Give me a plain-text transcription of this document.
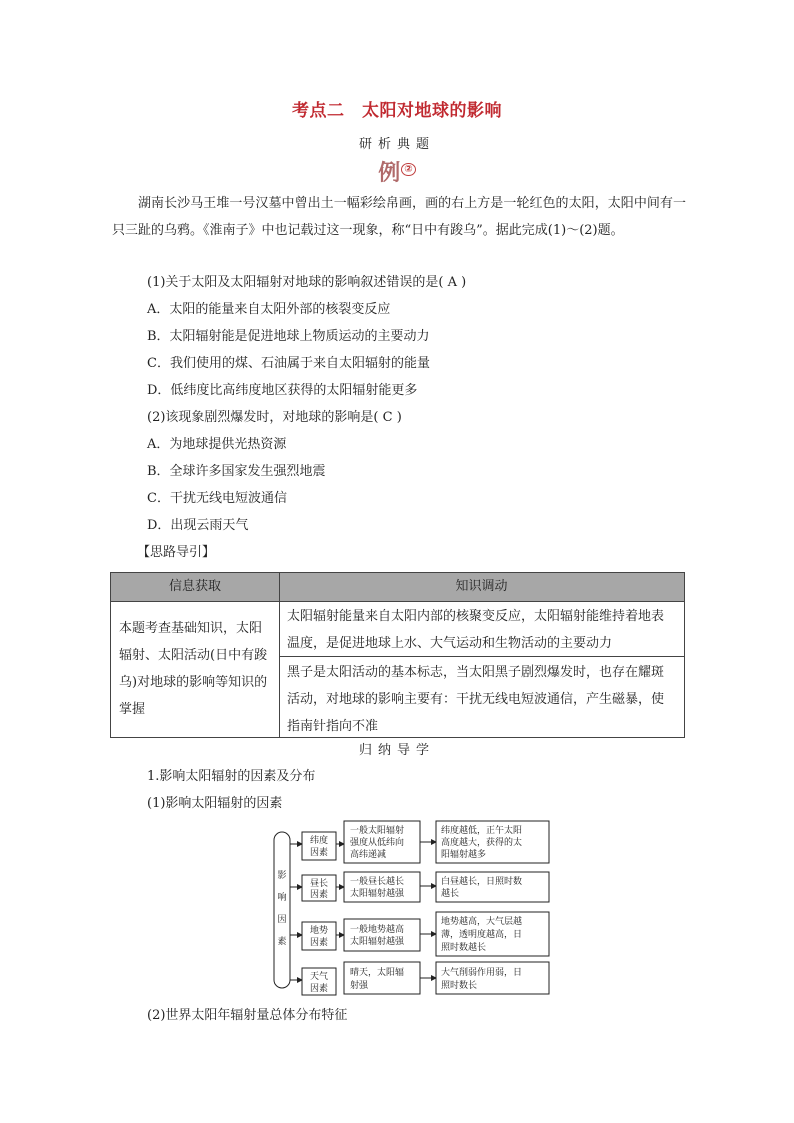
考点二　太阳对地球的影响
研析典题
例 ②
湖南长沙马王堆一号汉墓中曾出土一幅彩绘帛画，画的右上方是一轮红色的太阳，太阳中间有一只三趾的乌鸦。《淮南子》中也记载过这一现象，称“日中有踆乌”。据此完成(1)～(2)题。
(1)关于太阳及太阳辐射对地球的影响叙述错误的是( A )
A．太阳的能量来自太阳外部的核裂变反应
B．太阳辐射能是促进地球上物质运动的主要动力
C．我们使用的煤、石油属于来自太阳辐射的能量
D．低纬度比高纬度地区获得的太阳辐射能更多
(2)该现象剧烈爆发时，对地球的影响是( C )
A．为地球提供光热资源
B．全球许多国家发生强烈地震
C．干扰无线电短波通信
D．出现云雨天气
【思路导引】
信息获取	知识调动
本题考查基础知识，太阳辐射、太阳活动(日中有踆乌)对地球的影响等知识的掌握
太阳辐射能量来自太阳内部的核聚变反应，太阳辐射能维持着地表温度，是促进地球上水、大气运动和生物活动的主要动力
黑子是太阳活动的基本标志，当太阳黑子剧烈爆发时，也存在耀斑活动，对地球的影响主要有：干扰无线电短波通信，产生磁暴，使指南针指向不准
归纳导学
1.影响太阳辐射的因素及分布
(1)影响太阳辐射的因素
影
响
因
素
纬度
因素
一般太阳辐射
强度从低纬向
高纬递减
纬度越低，正午太阳
高度越大，获得的太
阳辐射越多
昼长
因素
一般昼长越长
太阳辐射越强
白昼越长，日照时数
越长
地势
因素
一般地势越高
太阳辐射越强
地势越高，大气层越
薄，透明度越高，日
照时数越长
天气
因素
晴天，太阳辐
射强
大气削弱作用弱，日
照时数长
(2)世界太阳年辐射量总体分布特征
